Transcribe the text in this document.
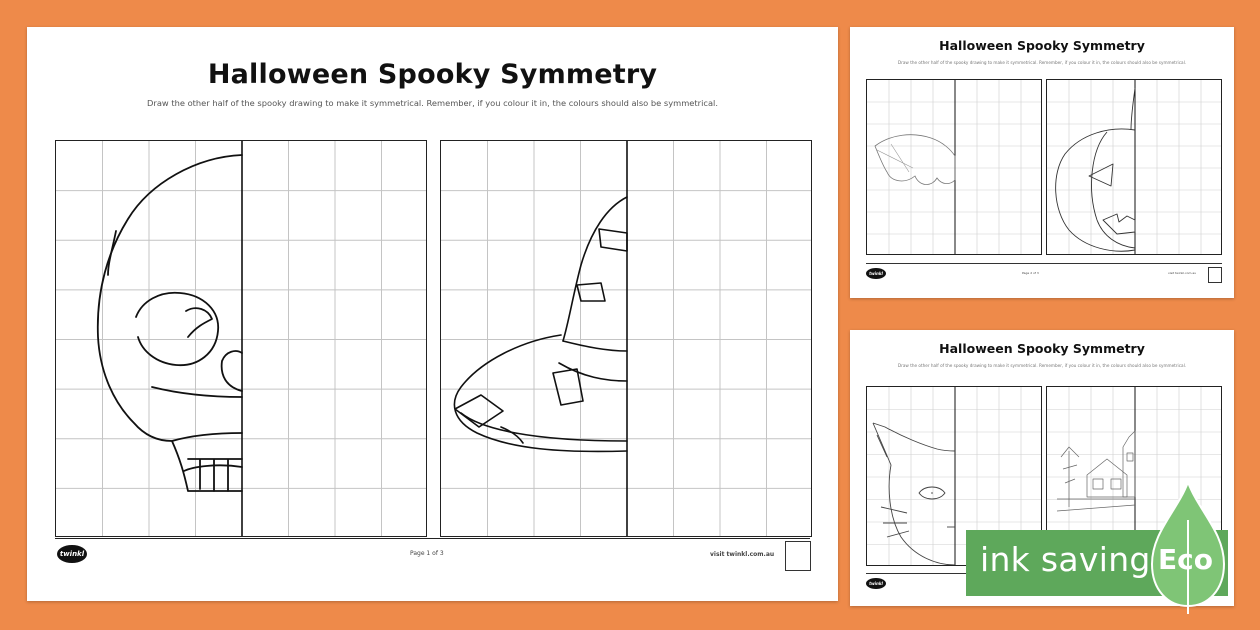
Halloween Spooky Symmetry

Draw the other half of the spooky drawing to make it symmetrical. Remember, if you colour it in, the colours should also be symmetrical.

twinkl	Page 1 of 3	visit twinkl.com.au
Halloween Spooky Symmetry

Draw the other half of the spooky drawing to make it symmetrical. Remember, if you colour it in, the colours should also be symmetrical.

twinkl	Page 2 of 3	visit twinkl.com.au
Halloween Spooky Symmetry

Draw the other half of the spooky drawing to make it symmetrical. Remember, if you colour it in, the colours should also be symmetrical.

twinkl
ink saving Eco
